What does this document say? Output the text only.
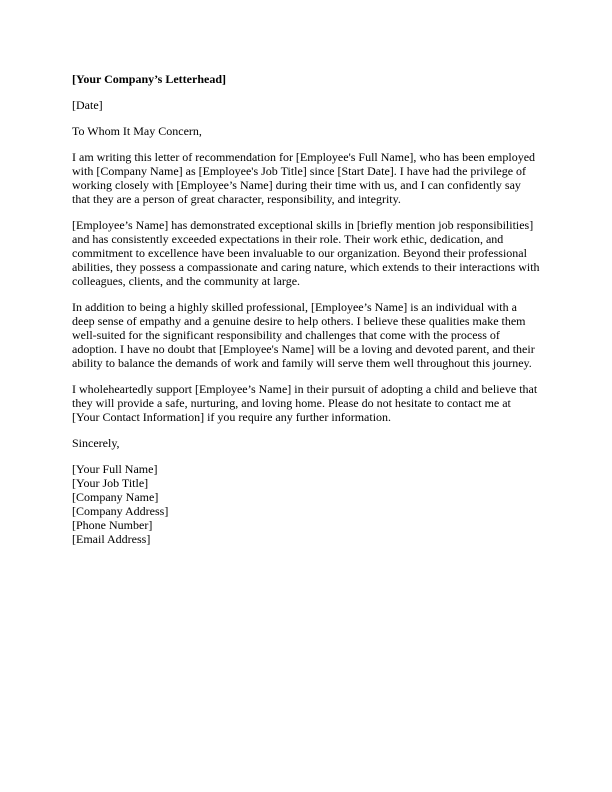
[Your Company’s Letterhead]
[Date]
To Whom It May Concern,
I am writing this letter of recommendation for [Employee's Full Name], who has been employed
with [Company Name] as [Employee's Job Title] since [Start Date]. I have had the privilege of
working closely with [Employee’s Name] during their time with us, and I can confidently say
that they are a person of great character, responsibility, and integrity.
[Employee’s Name] has demonstrated exceptional skills in [briefly mention job responsibilities]
and has consistently exceeded expectations in their role. Their work ethic, dedication, and
commitment to excellence have been invaluable to our organization. Beyond their professional
abilities, they possess a compassionate and caring nature, which extends to their interactions with
colleagues, clients, and the community at large.
In addition to being a highly skilled professional, [Employee’s Name] is an individual with a
deep sense of empathy and a genuine desire to help others. I believe these qualities make them
well-suited for the significant responsibility and challenges that come with the process of
adoption. I have no doubt that [Employee's Name] will be a loving and devoted parent, and their
ability to balance the demands of work and family will serve them well throughout this journey.
I wholeheartedly support [Employee’s Name] in their pursuit of adopting a child and believe that
they will provide a safe, nurturing, and loving home. Please do not hesitate to contact me at
[Your Contact Information] if you require any further information.
Sincerely,
[Your Full Name]
[Your Job Title]
[Company Name]
[Company Address]
[Phone Number]
[Email Address]
